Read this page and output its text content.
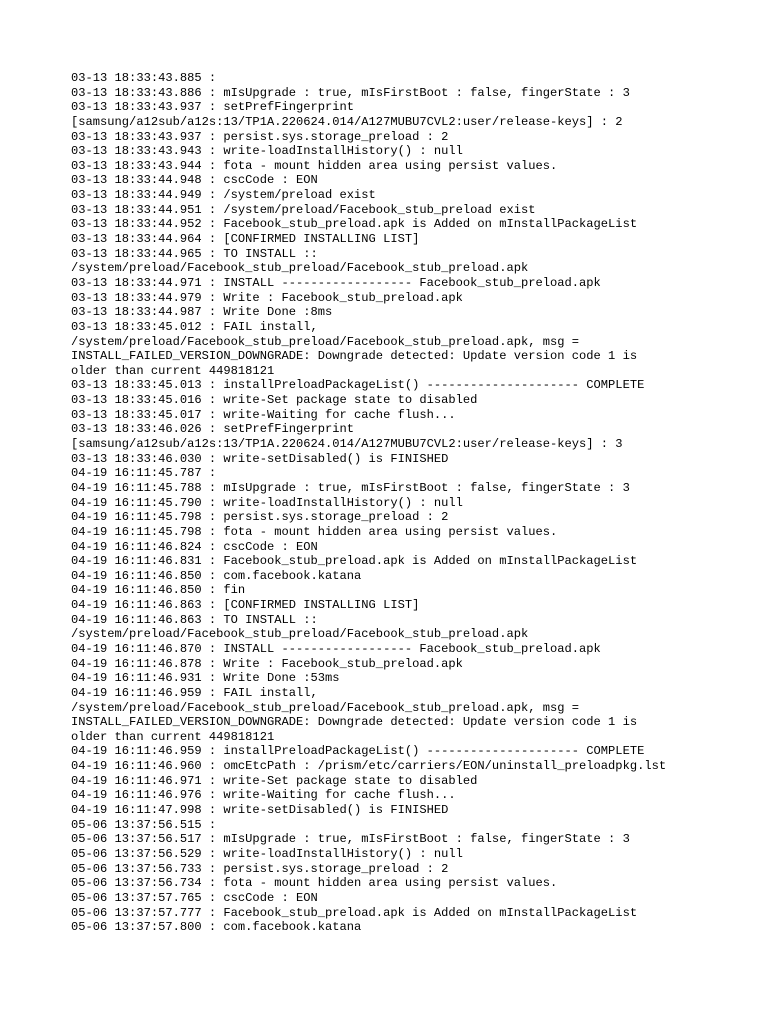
03-13 18:33:43.885 :
03-13 18:33:43.886 : mIsUpgrade : true, mIsFirstBoot : false, fingerState : 3
03-13 18:33:43.937 : setPrefFingerprint
[samsung/a12sub/a12s:13/TP1A.220624.014/A127MUBU7CVL2:user/release-keys] : 2
03-13 18:33:43.937 : persist.sys.storage_preload : 2
03-13 18:33:43.943 : write-loadInstallHistory() : null
03-13 18:33:43.944 : fota - mount hidden area using persist values.
03-13 18:33:44.948 : cscCode : EON
03-13 18:33:44.949 : /system/preload exist
03-13 18:33:44.951 : /system/preload/Facebook_stub_preload exist
03-13 18:33:44.952 : Facebook_stub_preload.apk is Added on mInstallPackageList
03-13 18:33:44.964 : [CONFIRMED INSTALLING LIST]
03-13 18:33:44.965 : TO INSTALL ::
/system/preload/Facebook_stub_preload/Facebook_stub_preload.apk
03-13 18:33:44.971 : INSTALL ------------------ Facebook_stub_preload.apk
03-13 18:33:44.979 : Write : Facebook_stub_preload.apk
03-13 18:33:44.987 : Write Done :8ms
03-13 18:33:45.012 : FAIL install,
/system/preload/Facebook_stub_preload/Facebook_stub_preload.apk, msg =
INSTALL_FAILED_VERSION_DOWNGRADE: Downgrade detected: Update version code 1 is
older than current 449818121
03-13 18:33:45.013 : installPreloadPackageList() --------------------- COMPLETE
03-13 18:33:45.016 : write-Set package state to disabled
03-13 18:33:45.017 : write-Waiting for cache flush...
03-13 18:33:46.026 : setPrefFingerprint
[samsung/a12sub/a12s:13/TP1A.220624.014/A127MUBU7CVL2:user/release-keys] : 3
03-13 18:33:46.030 : write-setDisabled() is FINISHED
04-19 16:11:45.787 :
04-19 16:11:45.788 : mIsUpgrade : true, mIsFirstBoot : false, fingerState : 3
04-19 16:11:45.790 : write-loadInstallHistory() : null
04-19 16:11:45.798 : persist.sys.storage_preload : 2
04-19 16:11:45.798 : fota - mount hidden area using persist values.
04-19 16:11:46.824 : cscCode : EON
04-19 16:11:46.831 : Facebook_stub_preload.apk is Added on mInstallPackageList
04-19 16:11:46.850 : com.facebook.katana
04-19 16:11:46.850 : fin
04-19 16:11:46.863 : [CONFIRMED INSTALLING LIST]
04-19 16:11:46.863 : TO INSTALL ::
/system/preload/Facebook_stub_preload/Facebook_stub_preload.apk
04-19 16:11:46.870 : INSTALL ------------------ Facebook_stub_preload.apk
04-19 16:11:46.878 : Write : Facebook_stub_preload.apk
04-19 16:11:46.931 : Write Done :53ms
04-19 16:11:46.959 : FAIL install,
/system/preload/Facebook_stub_preload/Facebook_stub_preload.apk, msg =
INSTALL_FAILED_VERSION_DOWNGRADE: Downgrade detected: Update version code 1 is
older than current 449818121
04-19 16:11:46.959 : installPreloadPackageList() --------------------- COMPLETE
04-19 16:11:46.960 : omcEtcPath : /prism/etc/carriers/EON/uninstall_preloadpkg.lst
04-19 16:11:46.971 : write-Set package state to disabled
04-19 16:11:46.976 : write-Waiting for cache flush...
04-19 16:11:47.998 : write-setDisabled() is FINISHED
05-06 13:37:56.515 :
05-06 13:37:56.517 : mIsUpgrade : true, mIsFirstBoot : false, fingerState : 3
05-06 13:37:56.529 : write-loadInstallHistory() : null
05-06 13:37:56.733 : persist.sys.storage_preload : 2
05-06 13:37:56.734 : fota - mount hidden area using persist values.
05-06 13:37:57.765 : cscCode : EON
05-06 13:37:57.777 : Facebook_stub_preload.apk is Added on mInstallPackageList
05-06 13:37:57.800 : com.facebook.katana
